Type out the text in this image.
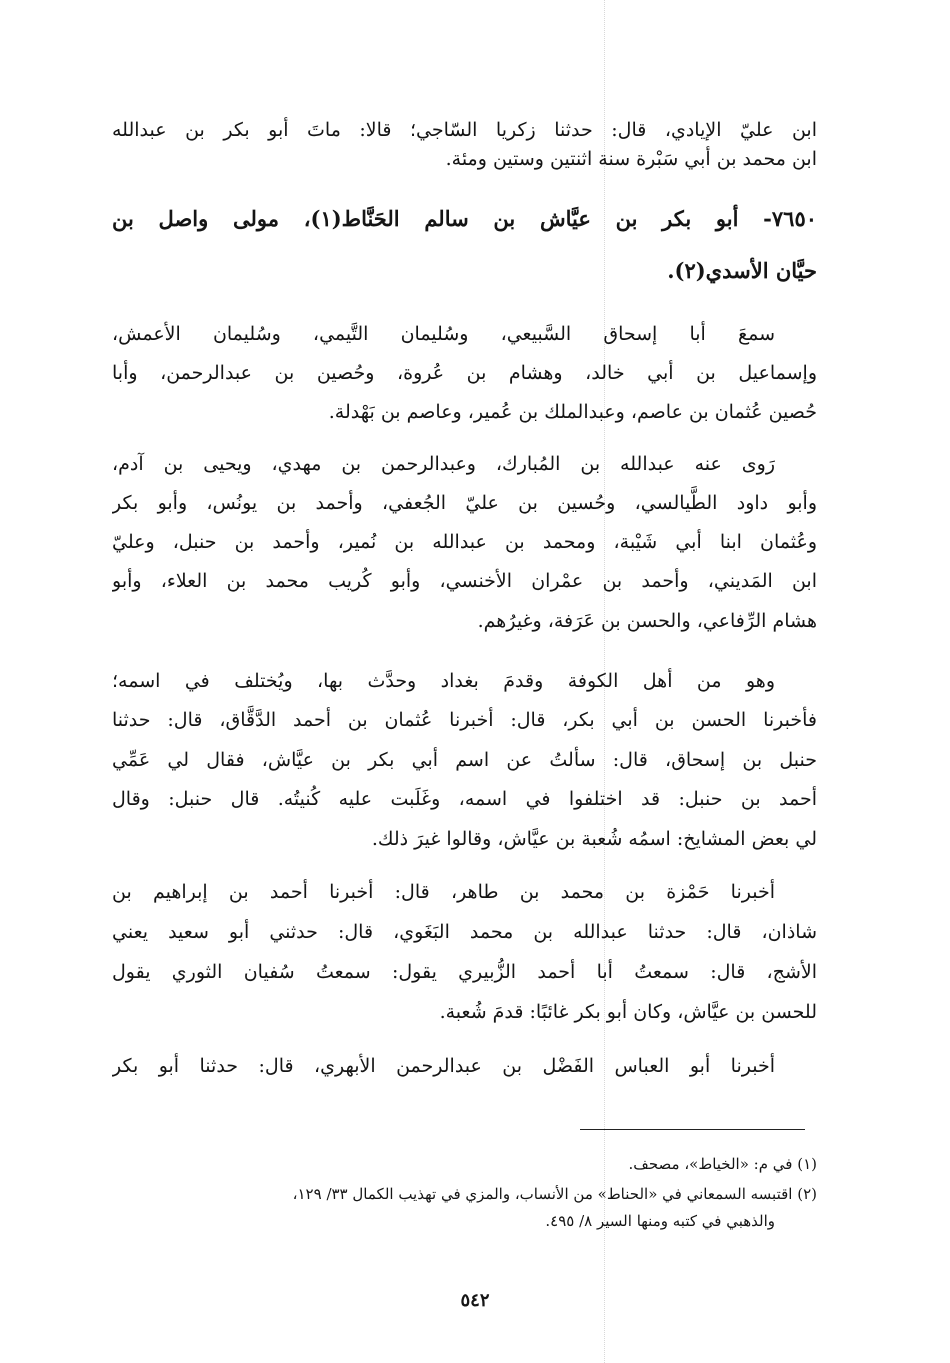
ابن عليّ الإيادي، قال: حدثنا زكريا السّاجي؛ قالا: ماتَ أبو بكر بن عبدالله
ابن محمد بن أبي سَبْرة سنة اثنتين وستين ومئة.
٧٦٥٠- أبو بكر بن عيَّاش بن سالم الحَنَّاط(١)، مولى واصل بن
حيَّان الأسدي(٢).
سمعَ أبا إسحاق السَّبيعي، وسُليمان التَّيمي، وسُليمان الأعمش،
وإسماعيل بن أبي خالد، وهشام بن عُروة، وحُصين بن عبدالرحمن، وأبا
حُصين عُثمان بن عاصم، وعبدالملك بن عُمير، وعاصم بن بَهْدلة.
رَوى عنه عبدالله بن المُبارك، وعبدالرحمن بن مهدي، ويحيى بن آدم،
وأبو داود الطَّيالسي، وحُسين بن عليّ الجُعفي، وأحمد بن يونُس، وأبو بكر
وعُثمان ابنا أبي شَيْبة، ومحمد بن عبدالله بن نُمير، وأحمد بن حنبل، وعليّ
ابن المَديني، وأحمد بن عمْران الأخنسي، وأبو كُريب محمد بن العلاء، وأبو
هشام الرِّفاعي، والحسن بن عَرَفة، وغيرُهم.
وهو من أهل الكوفة وقدمَ بغداد وحدَّث بها، ويُختلف في اسمه؛
فأخبرنا الحسن بن أبي بكر، قال: أخبرنا عُثمان بن أحمد الدَّقَّاق، قال: حدثنا
حنبل بن إسحاق، قال: سألتُ عن اسم أبي بكر بن عيَّاش، فقال لي عَمِّي
أحمد بن حنبل: قد اختلفوا في اسمه، وغَلَبت عليه كُنيتُه. قال حنبل: وقال
لي بعض المشايخ: اسمُه شُعبة بن عيَّاش، وقالوا غيرَ ذلك.
أخبرنا حَمْزة بن محمد بن طاهر، قال: أخبرنا أحمد بن إبراهيم بن
شاذان، قال: حدثنا عبدالله بن محمد البَغَوي، قال: حدثني أبو سعيد يعني
الأشج، قال: سمعتُ أبا أحمد الزُّبيري يقول: سمعتُ سُفيان الثوري يقول
للحسن بن عيَّاش، وكان أبو بكر غائبًا: قدمَ شُعبة.
أخبرنا أبو العباس الفَضْل بن عبدالرحمن الأبهري، قال: حدثنا أبو بكر
(١) في م: «الخياط»، مصحف.
(٢) اقتبسه السمعاني في «الحناط» من الأنساب، والمزي في تهذيب الكمال ٣٣/ ١٢٩،
والذهبي في كتبه ومنها السير ٨/ ٤٩٥.
٥٤٢
